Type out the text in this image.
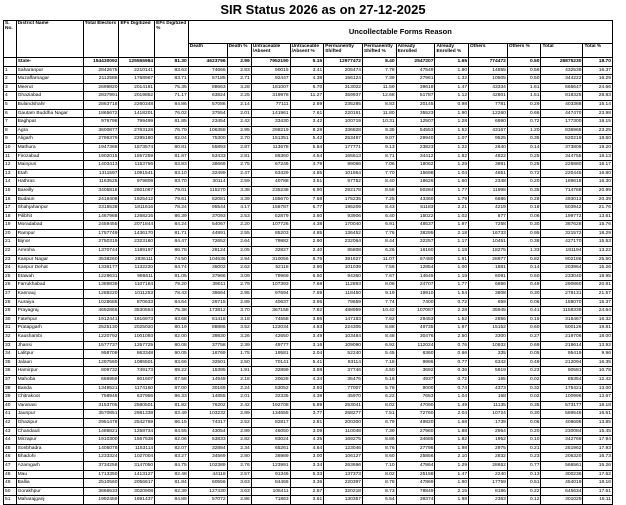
SIR Status 2026 as on 27-12-2025
S. No.	District Name	Total Electors	EFs Digitized	EFs Digitized %	Uncollectable Forms Reason											
					Death	Death %	Untraceable /Absent	Untraceable /Absent %	Permanently Shifted	Permanently Shifted %	Already Enrolled	Already Enrolled %	Others	Others %	Total	Total %
	State-	154430092	125555984	81.30	4623796	2.99	7952190	5.15	12977472	8.40	2547207	1.65	774472	0.50	28875230	18.70
1	Saharanpur	2842675	2210141	83.63	74666	2.83	90015	3.41	205474	7.78	47549	1.80	14855	0.56	432539	16.37
2	Muzaffarnagar	2112586	1768967	83.71	57185	2.71	92447	4.38	156124	7.39	27961	1.32	10505	0.50	344222	16.29
3	Meerut	2699820	2014181	75.35	88663	3.28	181007	6.70	313022	11.59	39618	1.47	43334	1.61	665647	24.66
4	Ghaziabad	2837991	2019852	71.17	63824	2.25	319978	11.27	359937	12.68	51787	1.12	42801	1.51	818325	28.83
5	Bulandshahr	2863718	2260348	84.86	57086	2.14	77111	2.89	235285	8.83	20145	0.98	7781	0.29	403388	15.14
6	Gautam Buddha Nagar	1865672	1418201	76.02	37554	2.01	141961	7.61	220161	11.80	35523	1.90	12260	0.66	447470	23.98
7	Baghpat	976798	799499	81.85	23454	2.42	33430	3.42	100719	10.31	12507	1.28	6990	0.72	177300	18.15
8	Agra	3600877	2763128	76.79	106358	2.95	298219	8.28	336828	9.35	54553	1.52	43167	1.20	836965	23.25
9	Aligarh	2796379	2295180	82.04	75300	2.70	151351	5.42	253497	9.07	29940	1.07	9525	0.35	520219	18.60
10	Mathura	1947368	1573574	80.81	55893	2.87	113678	5.84	177771	9.13	23823	1.22	2640	0.14	373805	19.20
11	Firozabad	1902015	1557259	81.87	53433	2.81	86360	4.54	165613	8.71	34412	1.82	4822	0.25	344755	18.13
12	Mainpuri	1403413	1153756	83.83	38669	2.75	67246	4.79	99066	7.06	18062	1.29	3881	0.28	226880	16.17
13	Etah	1311597	1091541	83.10	32499	2.47	63429	4.85	101864	7.70	15698	1.04	4651	0.72	220445	16.80
14	Hathras	1163525	979809	83.70	30114	2.59	40788	3.51	97752	8.40	18626	1.60	2348	0.20	189618	16.30
15	Bareilly	3405818	2601067	79.01	115270	3.38	235238	6.90	292178	8.58	50284	1.77	11998	0.35	714768	20.99
16	Budaun	2419408	1925412	79.61	82081	3.39	185670	7.68	175235	7.25	43360	1.79	6686	0.28	493013	20.39
17	Shahjahanpur	2315538	1811616	78.24	95544	4.17	156787	6.77	195209	8.43	51183	2.21	4219	0.18	503942	21.76
18	Pilibhit	1467988	1268216	86.39	37093	2.53	52879	3.60	93906	6.40	15022	1.02	877	0.06	199772	13.61
19	Moradabad	2459455	2071844	84.24	54067	2.20	107726	4.38	170040	6.91	48537	1.97	7258	0.30	387628	15.76
20	Rampur	1757749	1436170	81.71	44891	2.55	85203	4.85	136452	7.76	38295	2.18	16733	0.95	321572	18.29
21	Bijnor	2750319	2323160	84.47	72652	2.64	79882	2.90	232064	8.44	32257	1.17	10451	0.38	427170	15.53
22	Amroha	1370744	1189197	86.78	28124	2.05	32827	2.40	85808	6.26	16160	1.18	18275	1.33	181194	13.22
23	Kanpur Nagar	3538260	2836111	74.50	104636	2.94	310056	8.76	391627	11.07	67480	1.91	28977	0.82	902186	25.50
24	Kanpur Dehat	1336177	1132220	84.74	35002	2.62	52118	3.90	101039	7.56	12854	1.00	1881	0.14	203964	15.26
25	Etawah	1229631	986611	81.05	37966	3.09	79969	6.50	94360	7.67	14645	1.19	6091	0.50	233040	18.95
26	Farrukhabad	1389839	1107184	79.20	39011	2.79	107393	7.68	112893	8.08	24707	1.77	6856	0.49	290860	20.81
27	Kannauj	1289220	1011253	78.43	38664	2.95	97694	7.59	118450	9.19	19910	1.54	3808	0.30	278131	21.57
28	Auraiya	1028685	870633	84.64	29715	2.89	40637	3.95	79659	7.74	7400	0.72	659	0.06	158070	15.37
29	Prayagraj	4692866	3530554	75.38	173812	3.70	367158	7.82	488959	10.42	107087	2.28	35945	0.41	1158339	24.64
30	Fatehpur	1912441	1616973	83.68	61418	3.18	74558	3.86	147183	7.62	29453	1.52	2856	0.15	315467	16.32
31	Pratapgarh	2525130	2025020	80.19	88886	3.52	122034	4.83	224305	8.88	49735	1.97	15152	0.60	500126	19.81
32	Kaushambi	1220792	1001093	82.00	39830	3.26	42650	3.49	103484	8.48	30476	2.50	3300	0.27	219706	18.00
33	Jhansi	1577737	1257725	80.08	37758	2.39	49777	3.16	109090	6.92	112024	0.76	10932	0.69	219614	13.92
34	Lalitpur	958709	863348	90.05	16769	1.75	19581	2.04	52240	5.45	6360	0.66	335	0.05	95419	9.96
35	Jalaun	1297560	1085501	83.66	32501	2.50	70141	5.41	93114	7.18	9996	0.77	6342	0.49	212094	16.35
36	Hamirpur	809732	749173	89.22	15395	1.91	32899	3.88	37746	4.50	3692	0.36	5919	0.23	90581	10.78
37	Mahoba	686959	601607	87.58	14949	2.18	20628	4.34	35476	5.16	4937	0.72	165	0.02	85354	12.42
38	Banda	1349521	1174160	87.00	30169	2.24	53052	3.93	77007	5.78	9000	0.74	4373	0.32	175421	13.00
39	Chitrakoot	758948	637956	86.33	14855	2.01	32335	4.38	45970	6.22	7653	1.04	168	0.02	100996	13.67
40	Varanasi	3153705	2580501	81.82	76202	2.42	192708	5.89	253041	8.02	47090	1.49	11135	0.35	573177	18.18
41	Jaunpur	3570851	2981338	83.49	103232	2.89	134655	3.77	268277	7.51	72760	2.04	10724	0.30	589546	16.51
42	Ghazipur	2951478	2542769	86.15	74317	2.52	82817	2.81	200300	6.79	49820	1.68	1739	0.06	408696	13.85
43	Chandauli	1486821	1258734	84.55	43054	2.89	46050	3.09	110048	7.39	27960	1.88	2954	0.20	230084	15.45
44	Mirzapur	1910300	1567538	82.06	53833	2.82	83024	4.35	169275	8.86	34685	1.82	1952	0.10	342769	17.94
45	Sonbhadra	1405078	1153114	82.07	32884	2.34	65261	4.64	123046	8.76	27796	1.98	2975	0.21	251962	17.93
46	Bhadohi	1233324	1027004	83.27	34569	2.80	36989	3.00	106127	8.60	25856	2.10	2832	0.23	206320	16.73
47	Azamgarh	3734258	3147050	84.75	102389	2.76	123991	3.34	263696	7.10	47864	1.29	28652	0.77	566561	15.26
48	Mau	1713350	1413127	82.48	44118	2.57	91346	5.33	137373	8.02	25158	1.47	2240	0.13	300236	17.52
49	Ballia	2510560	2056617	81.84	60556	3.63	84466	3.36	220397	8.78	47869	1.90	17759	0.51	454019	18.16
50	Gorakhpur	3666533	3020908	82.39	127430	3.63	105411	2.87	320218	8.73	78849	2.15	8186	0.22	645634	17.61
51	Maharajganj	1992459	1691437	84.89	57072	2.86	71863	3.61	130357	6.54	39374	1.98	2363	0.12	301029	15.11
